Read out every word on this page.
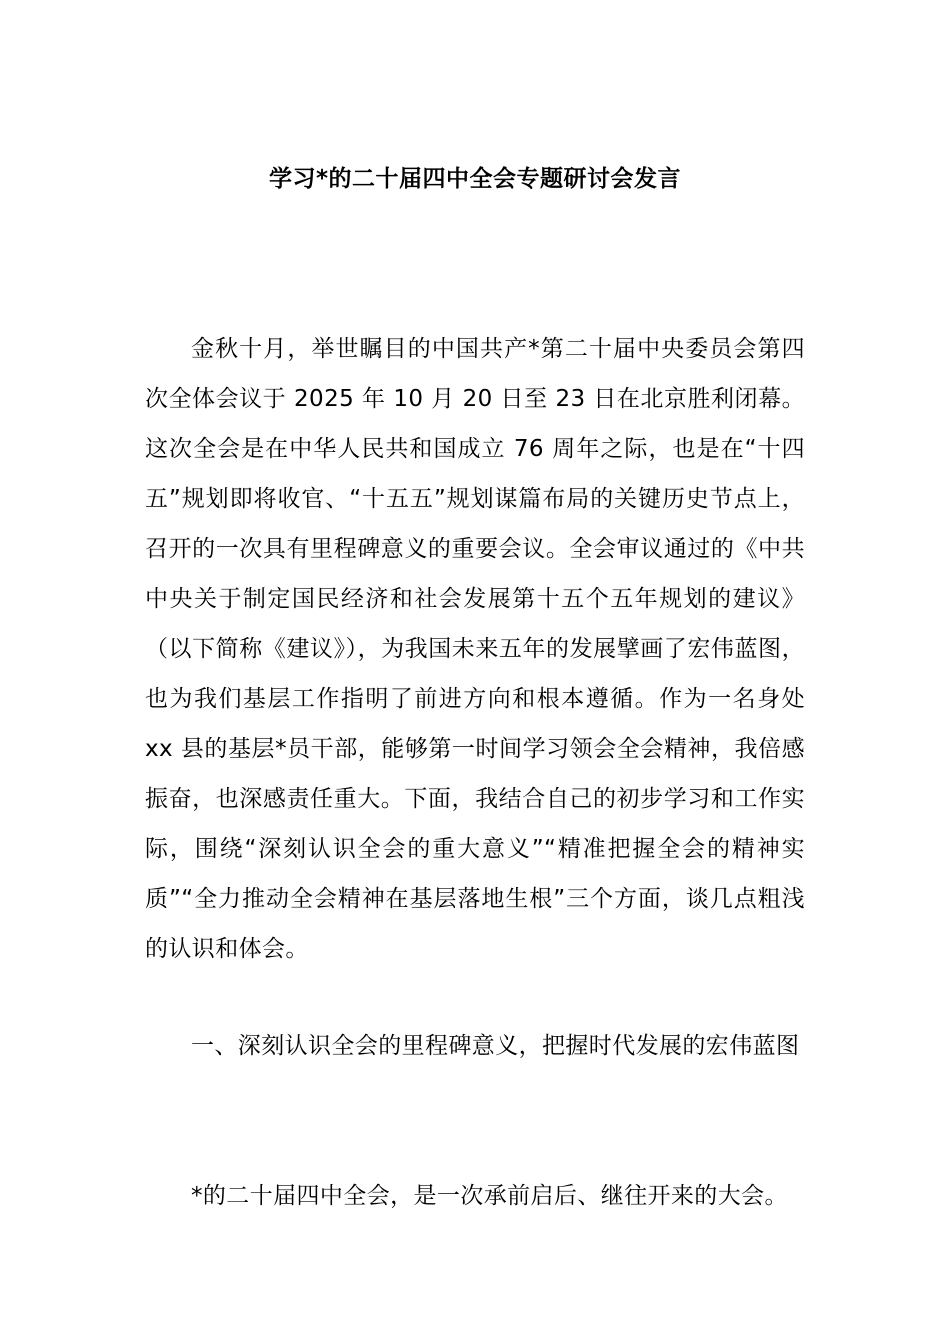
学习*的二十届四中全会专题研讨会发言

金秋十月，举世瞩目的中国共产*第二十届中央委员会第四次全体会议于 2025 年 10 月 20 日至 23 日在北京胜利闭幕。这次全会是在中华人民共和国成立 76 周年之际，也是在“十四五”规划即将收官、“十五五”规划谋篇布局的关键历史节点上，召开的一次具有里程碑意义的重要会议。全会审议通过的《中共中央关于制定国民经济和社会发展第十五个五年规划的建议》（以下简称《建议》），为我国未来五年的发展擘画了宏伟蓝图，也为我们基层工作指明了前进方向和根本遵循。作为一名身处 xx 县的基层*员干部，能够第一时间学习领会全会精神，我倍感振奋，也深感责任重大。下面，我结合自己的初步学习和工作实际，围绕“深刻认识全会的重大意义”“精准把握全会的精神实质”“全力推动全会精神在基层落地生根”三个方面，谈几点粗浅的认识和体会。

一、深刻认识全会的里程碑意义，把握时代发展的宏伟蓝图

*的二十届四中全会，是一次承前启后、继往开来的大会。
